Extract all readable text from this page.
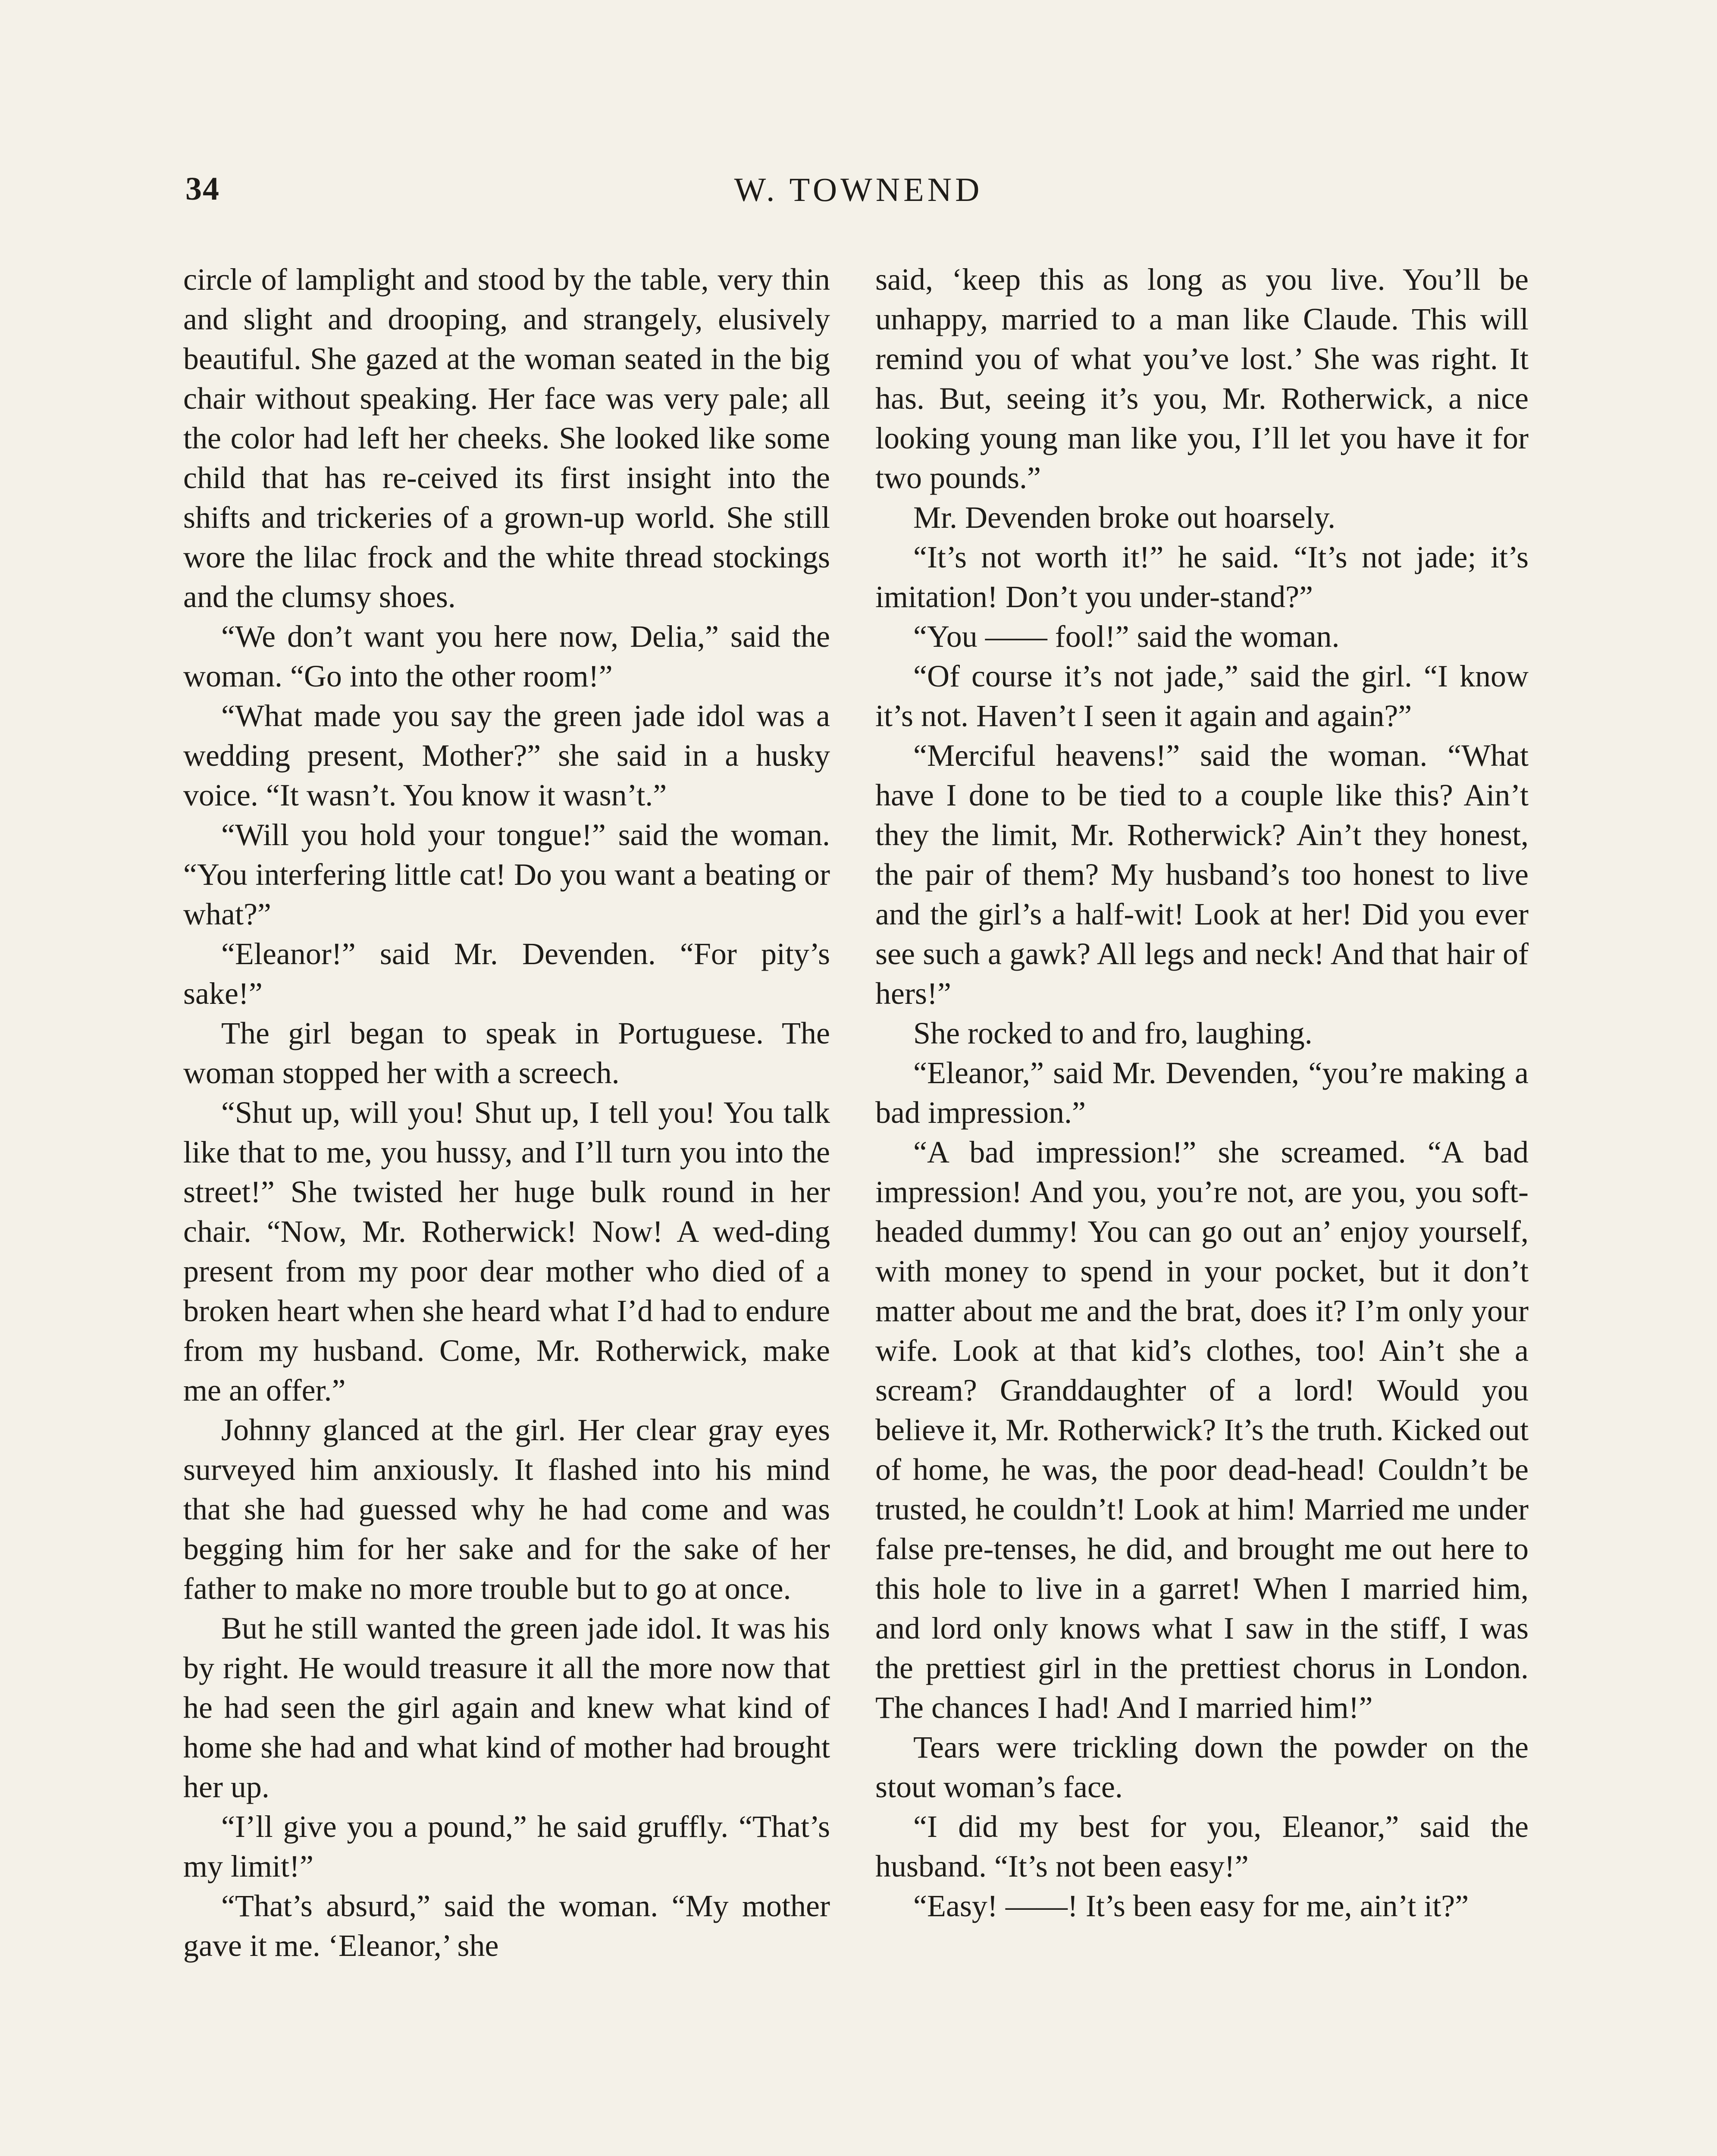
34	W. TOWNEND

circle of lamplight and stood by the table, very thin and slight and drooping, and strangely, elusively beautiful. She gazed at the woman seated in the big chair without speaking. Her face was very pale; all the color had left her cheeks. She looked like some child that has re-ceived its first insight into the shifts and trickeries of a grown-up world. She still wore the lilac frock and the white thread stockings and the clumsy shoes.

“We don’t want you here now, Delia,” said the woman. “Go into the other room!”

“What made you say the green jade idol was a wedding present, Mother?” she said in a husky voice. “It wasn’t. You know it wasn’t.”

“Will you hold your tongue!” said the woman. “You interfering little cat! Do you want a beating or what?”

“Eleanor!” said Mr. Devenden. “For pity’s sake!”

The girl began to speak in Portuguese. The woman stopped her with a screech.

“Shut up, will you! Shut up, I tell you! You talk like that to me, you hussy, and I’ll turn you into the street!” She twisted her huge bulk round in her chair. “Now, Mr. Rotherwick! Now! A wed-ding present from my poor dear mother who died of a broken heart when she heard what I’d had to endure from my husband. Come, Mr. Rotherwick, make me an offer.”

Johnny glanced at the girl. Her clear gray eyes surveyed him anxiously. It flashed into his mind that she had guessed why he had come and was begging him for her sake and for the sake of her father to make no more trouble but to go at once.

But he still wanted the green jade idol. It was his by right. He would treasure it all the more now that he had seen the girl again and knew what kind of home she had and what kind of mother had brought her up.

“I’ll give you a pound,” he said gruffly. “That’s my limit!”

“That’s absurd,” said the woman. “My mother gave it me. ‘Eleanor,’ she

said, ‘keep this as long as you live. You’ll be unhappy, married to a man like Claude. This will remind you of what you’ve lost.’ She was right. It has. But, seeing it’s you, Mr. Rotherwick, a nice looking young man like you, I’ll let you have it for two pounds.”

Mr. Devenden broke out hoarsely.

“It’s not worth it!” he said. “It’s not jade; it’s imitation! Don’t you under-stand?”

“You —— fool!” said the woman.

“Of course it’s not jade,” said the girl. “I know it’s not. Haven’t I seen it again and again?”

“Merciful heavens!” said the woman. “What have I done to be tied to a couple like this? Ain’t they the limit, Mr. Rotherwick? Ain’t they honest, the pair of them? My husband’s too honest to live and the girl’s a half-wit! Look at her! Did you ever see such a gawk? All legs and neck! And that hair of hers!”

She rocked to and fro, laughing.

“Eleanor,” said Mr. Devenden, “you’re making a bad impression.”

“A bad impression!” she screamed. “A bad impression! And you, you’re not, are you, you soft-headed dummy! You can go out an’ enjoy yourself, with money to spend in your pocket, but it don’t matter about me and the brat, does it? I’m only your wife. Look at that kid’s clothes, too! Ain’t she a scream? Granddaughter of a lord! Would you believe it, Mr. Rotherwick? It’s the truth. Kicked out of home, he was, the poor dead-head! Couldn’t be trusted, he couldn’t! Look at him! Married me under false pre-tenses, he did, and brought me out here to this hole to live in a garret! When I married him, and lord only knows what I saw in the stiff, I was the prettiest girl in the prettiest chorus in London. The chances I had! And I married him!”

Tears were trickling down the powder on the stout woman’s face.

“I did my best for you, Eleanor,” said the husband. “It’s not been easy!”

“Easy! ——! It’s been easy for me, ain’t it?”
